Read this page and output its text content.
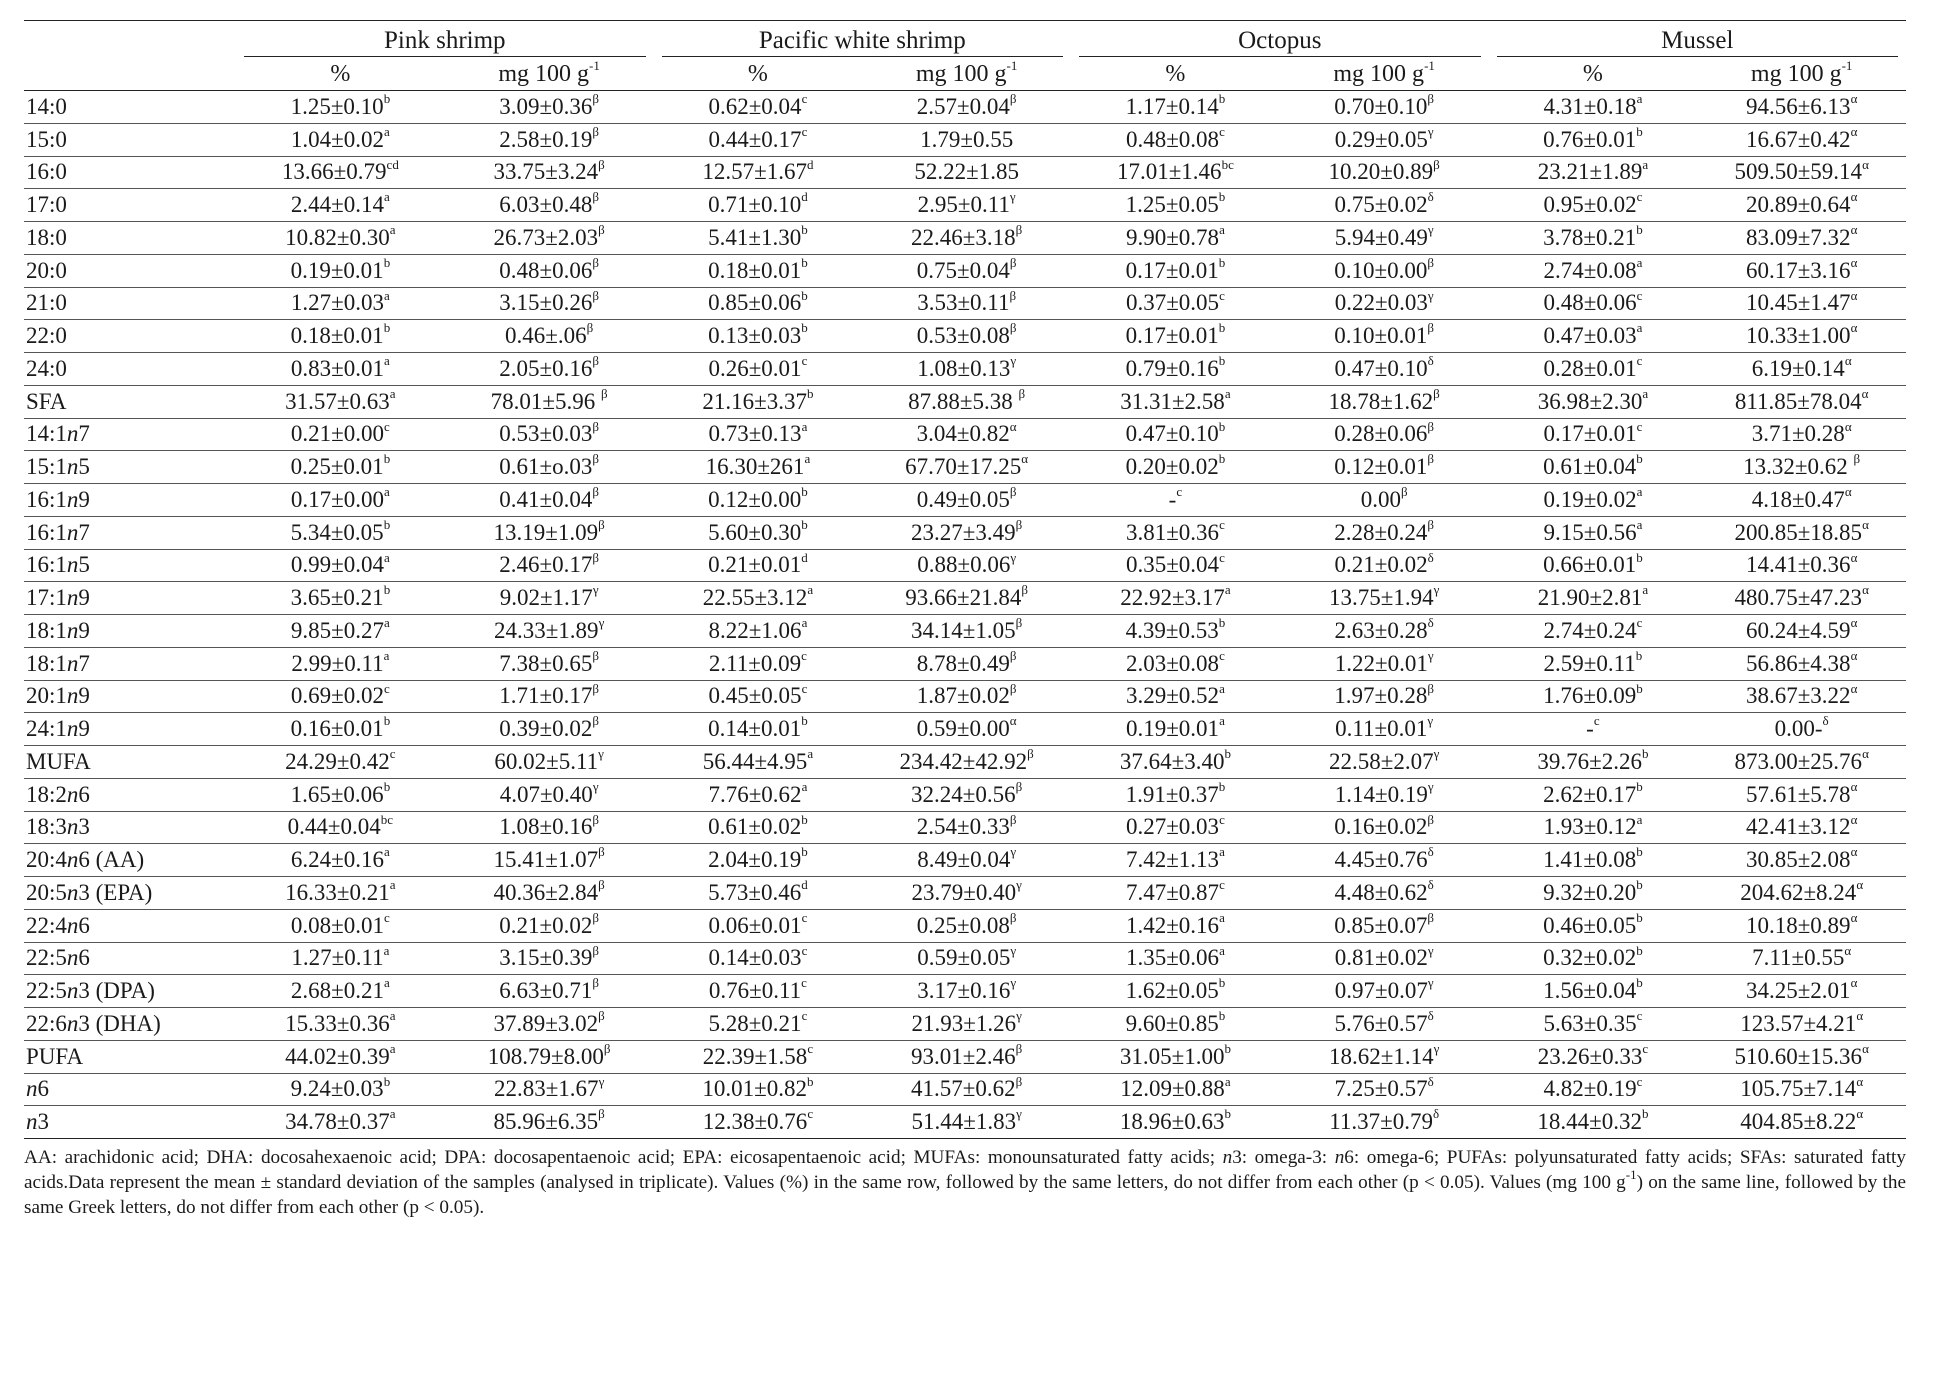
	Pink shrimp		Pacific white shrimp		Octopus		Mussel	

	%	mg 100 $g^{-1}$	%	mg 100 $g^{-1}$	%	mg 100 $g^{-1}$	%	mg 100 $g^{-1}$
14:0	1.25±0.10$^b$	$3.09\pm 0.36^\beta$	0.62±0.04$^c$	$2.57\pm 0.04^\beta$	1.17±0.14$^b$	$0.70\pm 0.10^\beta$	4.31±0.18$^a$	$94.56\pm 6.13^\alpha$
15:0	1.04±0.02$^a$	$2.58\pm 0.19^\beta$	0.44±0.17$^c$	1.79±0.55	0.48±0.08$^c$	$0.29\pm 0.05^\gamma$	0.76±0.01$^b$	$16.67\pm 0.42^\alpha$
16:0	13.66±0.79$^{cd}$	$33.75\pm 3.24^\beta$	12.57±1.67$^d$	52.22±1.85	17.01±1.46$^{bc}$	$10.20\pm 0.89^\beta$	23.21±1.89$^a$	$509.50\pm 59.14^\alpha$
17:0	2.44±0.14$^a$	$6.03\pm 0.48^\beta$	0.71±0.10$^d$	$2.95\pm 0.11^\gamma$	1.25±0.05$^b$	$0.75\pm 0.02^\delta$	0.95±0.02$^c$	$20.89\pm 0.64^\alpha$
18:0	10.82±0.30$^a$	$26.73\pm 2.03^\beta$	5.41±1.30$^b$	$22.46\pm 3.18^\beta$	9.90±0.78$^a$	$5.94\pm 0.49^\gamma$	3.78±0.21$^b$	$83.09\pm 7.32^\alpha$
20:0	0.19±0.01$^b$	$0.48\pm 0.06^\beta$	0.18±0.01$^b$	$0.75\pm 0.04^\beta$	0.17±0.01$^b$	$0.10\pm 0.00^\beta$	2.74±0.08$^a$	$60.17\pm 3.16^\alpha$
21:0	1.27±0.03$^a$	$3.15\pm 0.26^\beta$	0.85±0.06$^b$	$3.53\pm 0.11^\beta$	0.37±0.05$^c$	$0.22\pm 0.03^\gamma$	0.48±0.06$^c$	$10.45\pm 1.47^\alpha$
22:0	0.18±0.01$^b$	$0.46\pm.06^\beta$	0.13±0.03$^b$	$0.53\pm 0.08^\beta$	0.17±0.01$^b$	$0.10\pm 0.01^\beta$	0.47±0.03$^a$	$10.33\pm 1.00^\alpha$
24:0	0.83±0.01$^a$	$2.05\pm 0.16^\beta$	0.26±0.01$^c$	$1.08\pm 0.13^\gamma$	0.79±0.16$^b$	$0.47\pm 0.10^\delta$	0.28±0.01$^c$	$6.19\pm 0.14^\alpha$
SFA	31.57±0.63$^a$	78.01±5.96 $^\beta$	21.16±3.37$^b$	87.88±5.38 $^\beta$	31.31±2.58$^a$	$18.78\pm 1.62^\beta$	36.98±2.30$^a$	$811.85\pm 78.04^\alpha$
14:1n7	0.21±0.00$^c$	$0.53\pm 0.03^\beta$	0.73±0.13$^a$	$3.04\pm 0.82^\alpha$	0.47±0.10$^b$	$0.28\pm 0.06^\beta$	0.17±0.01$^c$	$3.71\pm 0.28^\alpha$
15:1n5	0.25±0.01$^b$	$0.61\pm o.03^\beta$	$16.30\pm 261^a$	$67.70\pm 17.25^\alpha$	0.20±0.02$^b$	$0.12\pm 0.01^\beta$	0.61±0.04$^b$	13.32±0.62 $^\beta$
16:1n9	0.17±0.00$^a$	$0.41\pm 0.04^\beta$	0.12±0.00$^b$	$0.49\pm 0.05^\beta$	-$^c$	$0.00^\beta$	0.19±0.02$^a$	$4.18\pm 0.47^\alpha$
16:1n7	5.34±0.05$^b$	$13.19\pm 1.09^\beta$	5.60±0.30$^b$	$23.27\pm 3.49^\beta$	3.81±0.36$^c$	$2.28\pm 0.24^\beta$	9.15±0.56$^a$	$200.85\pm 18.85^\alpha$
16:1n5	0.99±0.04$^a$	$2.46\pm 0.17^\beta$	0.21±0.01$^d$	$0.88\pm 0.06^\gamma$	0.35±0.04$^c$	$0.21\pm 0.02^\delta$	0.66±0.01$^b$	$14.41\pm 0.36^\alpha$
17:1n9	3.65±0.21$^b$	$9.02\pm 1.17^\gamma$	22.55±3.12$^a$	$93.66\pm 21.84^\beta$	22.92±3.17$^a$	$13.75\pm 1.94^\gamma$	21.90±2.81$^a$	$480.75\pm 47.23^\alpha$
18:1n9	9.85±0.27$^a$	$24.33\pm 1.89^\gamma$	8.22±1.06$^a$	$34.14\pm 1.05^\beta$	4.39±0.53$^b$	$2.63\pm 0.28^\delta$	2.74±0.24$^c$	$60.24\pm 4.59^\alpha$
18:1n7	2.99±0.11$^a$	$7.38\pm 0.65^\beta$	2.11±0.09$^c$	$8.78\pm 0.49^\beta$	2.03±0.08$^c$	$1.22\pm 0.01^\gamma$	2.59±0.11$^b$	$56.86\pm 4.38^\alpha$
20:1n9	0.69±0.02$^c$	$1.71\pm 0.17^\beta$	0.45±0.05$^c$	$1.87\pm 0.02^\beta$	3.29±0.52$^a$	$1.97\pm 0.28^\beta$	1.76±0.09$^b$	$38.67\pm 3.22^\alpha$
24:1n9	0.16±0.01$^b$	$0.39\pm 0.02^\beta$	0.14±0.01$^b$	$0.59\pm 0.00^\alpha$	0.19±0.01$^a$	$0.11\pm 0.01^\gamma$	-$^c$	0.00-$^\delta$
MUFA	24.29±0.42$^c$	$60.02\pm 5.11^\gamma$	56.44±4.95$^a$	$234.42\pm 42.92^\beta$	37.64±3.40$^b$	$22.58\pm 2.07^\gamma$	39.76±2.26$^b$	$873.00\pm 25.76^\alpha$
18:2n6	1.65±0.06$^b$	$4.07\pm 0.40^\gamma$	7.76±0.62$^a$	$32.24\pm 0.56^\beta$	1.91±0.37$^b$	$1.14\pm 0.19^\gamma$	2.62±0.17$^b$	$57.61\pm 5.78^\alpha$
18:3n3	0.44±0.04$^{bc}$	$1.08\pm 0.16^\beta$	0.61±0.02$^b$	$2.54\pm 0.33^\beta$	0.27±0.03$^c$	$0.16\pm 0.02^\beta$	1.93±0.12$^a$	$42.41\pm 3.12^\alpha$
20:4n6 (AA)	6.24±0.16$^a$	$15.41\pm 1.07^\beta$	2.04±0.19$^b$	$8.49\pm 0.04^\gamma$	7.42±1.13$^a$	$4.45\pm 0.76^\delta$	1.41±0.08$^b$	$30.85\pm 2.08^\alpha$
20:5n3 (EPA)	16.33±0.21$^a$	$40.36\pm 2.84^\beta$	5.73±0.46$^d$	$23.79\pm 0.40^\gamma$	7.47±0.87$^c$	$4.48\pm 0.62^\delta$	9.32±0.20$^b$	$204.62\pm 8.24^\alpha$
22:4n6	0.08±0.01$^c$	$0.21\pm 0.02^\beta$	0.06±0.01$^c$	$0.25\pm 0.08^\beta$	1.42±0.16$^a$	$0.85\pm 0.07^\beta$	0.46±0.05$^b$	$10.18\pm 0.89^\alpha$
22:5n6	1.27±0.11$^a$	$3.15\pm 0.39^\beta$	0.14±0.03$^c$	$0.59\pm 0.05^\gamma$	1.35±0.06$^a$	$0.81\pm 0.02^\gamma$	0.32±0.02$^b$	$7.11\pm 0.55^\alpha$
22:5n3 (DPA)	2.68±0.21$^a$	$6.63\pm 0.71^\beta$	0.76±0.11$^c$	$3.17\pm 0.16^\gamma$	1.62±0.05$^b$	$0.97\pm 0.07^\gamma$	1.56±0.04$^b$	$34.25\pm 2.01^\alpha$
22:6n3 (DHA)	15.33±0.36$^a$	$37.89\pm 3.02^\beta$	5.28±0.21$^c$	$21.93\pm 1.26^\gamma$	9.60±0.85$^b$	$5.76\pm 0.57^\delta$	5.63±0.35$^c$	$123.57\pm 4.21^\alpha$
PUFA	44.02±0.39$^a$	$108.79\pm 8.00^\beta$	22.39±1.58$^c$	$93.01\pm 2.46^\beta$	31.05±1.00$^b$	$18.62\pm 1.14^\gamma$	23.26±0.33$^c$	$510.60\pm 15.36^\alpha$
n6	9.24±0.03$^b$	$22.83\pm 1.67^\gamma$	10.01±0.82$^b$	$41.57\pm 0.62^\beta$	12.09±0.88$^a$	$7.25\pm 0.57^\delta$	4.82±0.19$^c$	$105.75\pm 7.14^\alpha$
n3	34.78±0.37$^a$	$85.96\pm 6.35^\beta$	12.38±0.76$^c$	$51.44\pm 1.83^\gamma$	18.96±0.63$^b$	$11.37\pm 0.79^\delta$	18.44±0.32$^b$	$404.85\pm 8.22^\alpha$
AA: arachidonic acid; DHA: docosahexaenoic acid; DPA: docosapentaenoic acid; EPA: eicosapentaenoic acid; MUFAs: monounsaturated fatty acids; n3: omega-3: n6: omega-6; PUFAs: polyunsaturated fatty acids; SFAs: saturated fatty acids.Data represent the mean ± standard deviation of the samples (analysed in triplicate). Values (%) in the same row, followed by the same letters, do not differ from each other (p < 0.05). Values (mg 100 $g^{-1}$) on the same line, followed by the same Greek letters, do not differ from each other (p < 0.05).
